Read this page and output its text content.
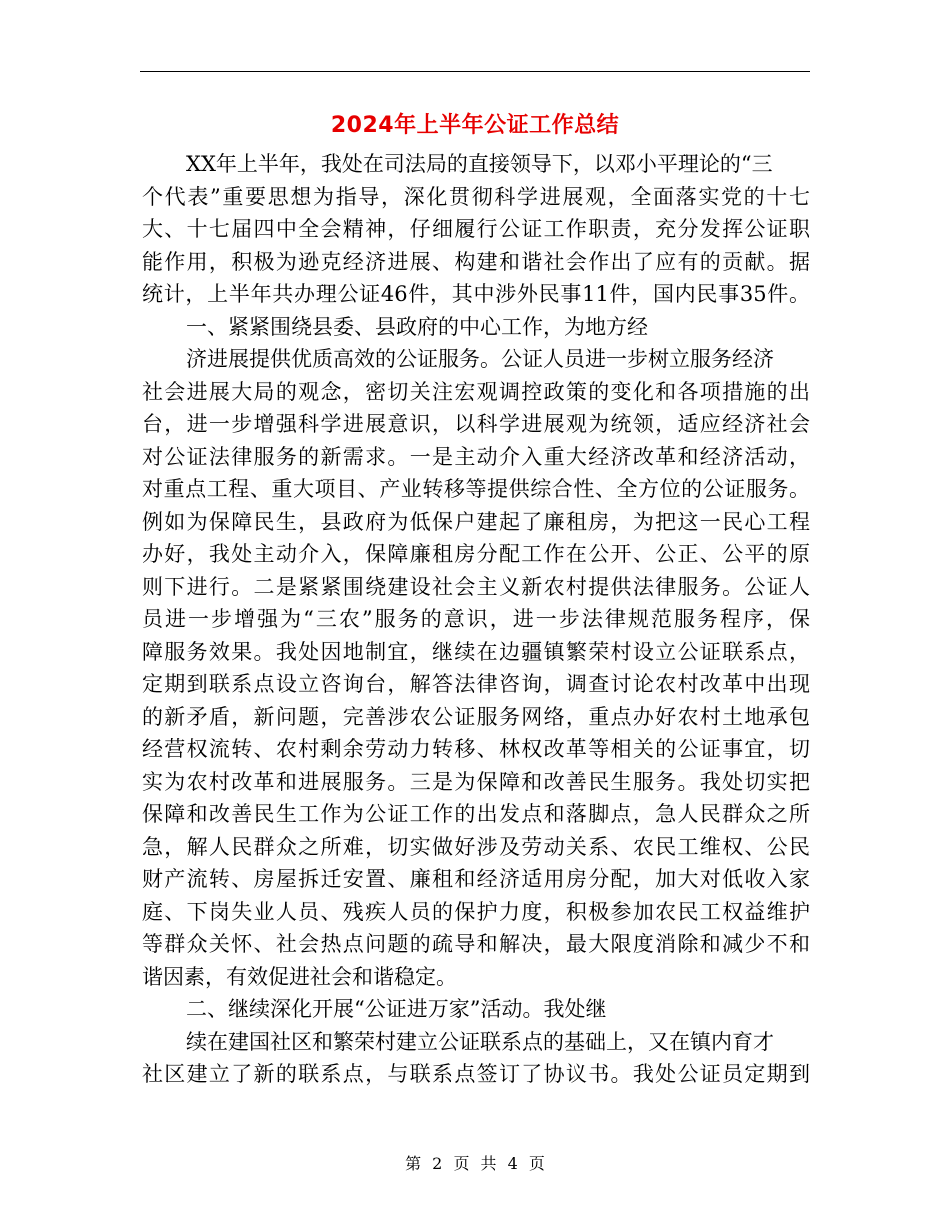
2024年上半年公证工作总结
XX年上半年，我处在司法局的直接领导下，以邓小平理论的“三
个代表”重要思想为指导，深化贯彻科学进展观，全面落实党的十七
大、十七届四中全会精神，仔细履行公证工作职责，充分发挥公证职
能作用，积极为逊克经济进展、构建和谐社会作出了应有的贡献。据
统计，上半年共办理公证46件，其中涉外民事11件，国内民事35件。
一、紧紧围绕县委、县政府的中心工作，为地方经
济进展提供优质高效的公证服务。公证人员进一步树立服务经济
社会进展大局的观念，密切关注宏观调控政策的变化和各项措施的出
台，进一步增强科学进展意识，以科学进展观为统领，适应经济社会
对公证法律服务的新需求。一是主动介入重大经济改革和经济活动，
对重点工程、重大项目、产业转移等提供综合性、全方位的公证服务。
例如为保障民生，县政府为低保户建起了廉租房，为把这一民心工程
办好，我处主动介入，保障廉租房分配工作在公开、公正、公平的原
则下进行。二是紧紧围绕建设社会主义新农村提供法律服务。公证人
员进一步增强为“三农”服务的意识，进一步法律规范服务程序，保
障服务效果。我处因地制宜，继续在边疆镇繁荣村设立公证联系点，
定期到联系点设立咨询台，解答法律咨询，调查讨论农村改革中出现
的新矛盾，新问题，完善涉农公证服务网络，重点办好农村土地承包
经营权流转、农村剩余劳动力转移、林权改革等相关的公证事宜，切
实为农村改革和进展服务。三是为保障和改善民生服务。我处切实把
保障和改善民生工作为公证工作的出发点和落脚点，急人民群众之所
急，解人民群众之所难，切实做好涉及劳动关系、农民工维权、公民
财产流转、房屋拆迁安置、廉租和经济适用房分配，加大对低收入家
庭、下岗失业人员、残疾人员的保护力度，积极参加农民工权益维护
等群众关怀、社会热点问题的疏导和解决，最大限度消除和减少不和
谐因素，有效促进社会和谐稳定。
二、继续深化开展“公证进万家”活动。我处继
续在建国社区和繁荣村建立公证联系点的基础上，又在镇内育才
社区建立了新的联系点，与联系点签订了协议书。我处公证员定期到
第 2 页 共 4 页
